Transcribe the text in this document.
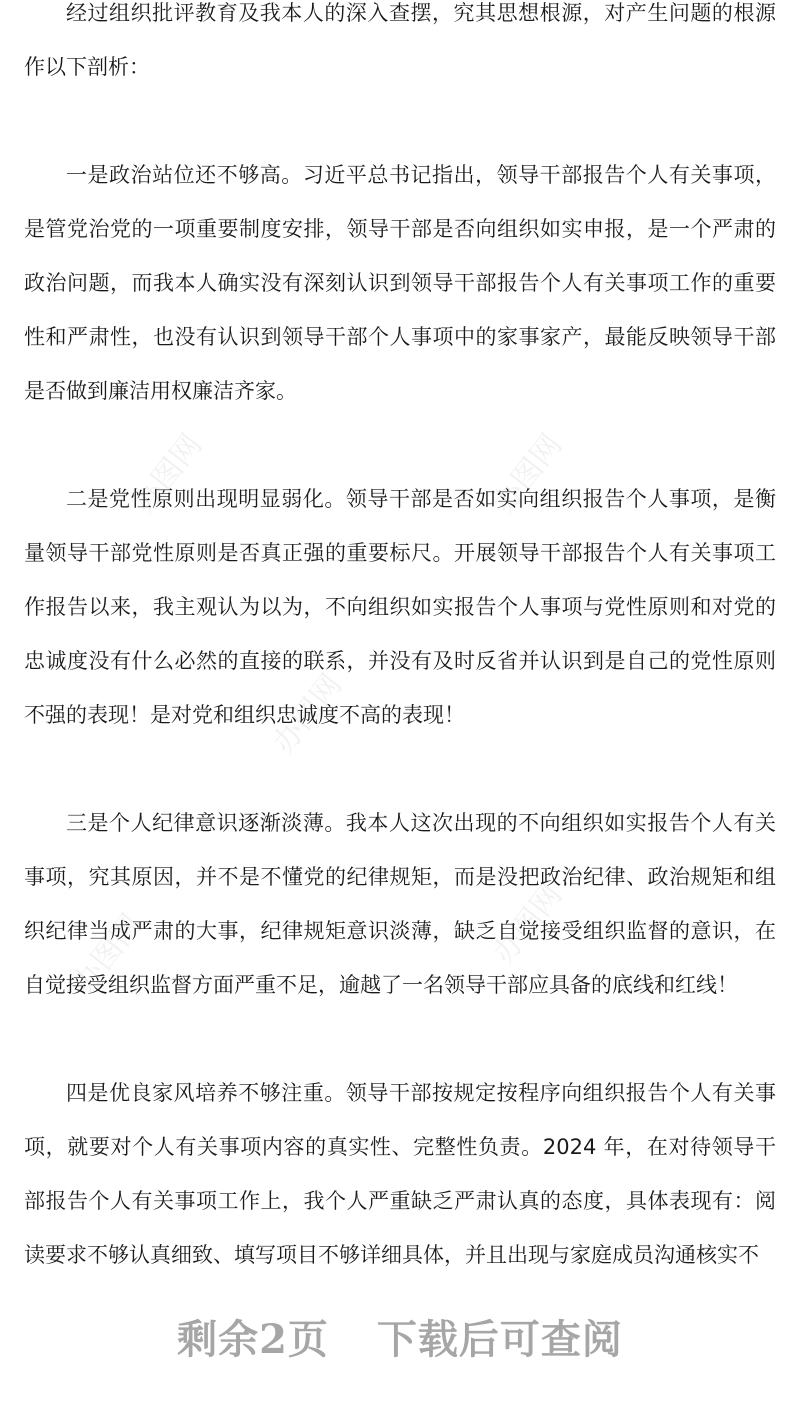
办图网	办图网
办图网
办图网	办图网

经过组织批评教育及我本人的深入查摆，究其思想根源，对产生问题的根源作以下剖析：

一是政治站位还不够高。习近平总书记指出，领导干部报告个人有关事项，是管党治党的一项重要制度安排，领导干部是否向组织如实申报，是一个严肃的政治问题，而我本人确实没有深刻认识到领导干部报告个人有关事项工作的重要性和严肃性，也没有认识到领导干部个人事项中的家事家产，最能反映领导干部是否做到廉洁用权廉洁齐家。

二是党性原则出现明显弱化。领导干部是否如实向组织报告个人事项，是衡量领导干部党性原则是否真正强的重要标尺。开展领导干部报告个人有关事项工作报告以来，我主观认为以为，不向组织如实报告个人事项与党性原则和对党的忠诚度没有什么必然的直接的联系，并没有及时反省并认识到是自己的党性原则不强的表现！是对党和组织忠诚度不高的表现！

三是个人纪律意识逐渐淡薄。我本人这次出现的不向组织如实报告个人有关事项，究其原因，并不是不懂党的纪律规矩，而是没把政治纪律、政治规矩和组织纪律当成严肃的大事，纪律规矩意识淡薄，缺乏自觉接受组织监督的意识，在自觉接受组织监督方面严重不足，逾越了一名领导干部应具备的底线和红线！

四是优良家风培养不够注重。领导干部按规定按程序向组织报告个人有关事项，就要对个人有关事项内容的真实性、完整性负责。2024 年，在对待领导干部报告个人有关事项工作上，我个人严重缺乏严肃认真的态度，具体表现有：阅读要求不够认真细致、填写项目不够详细具体，并且出现与家庭成员沟通核实不

剩余2页 下载后可查阅
